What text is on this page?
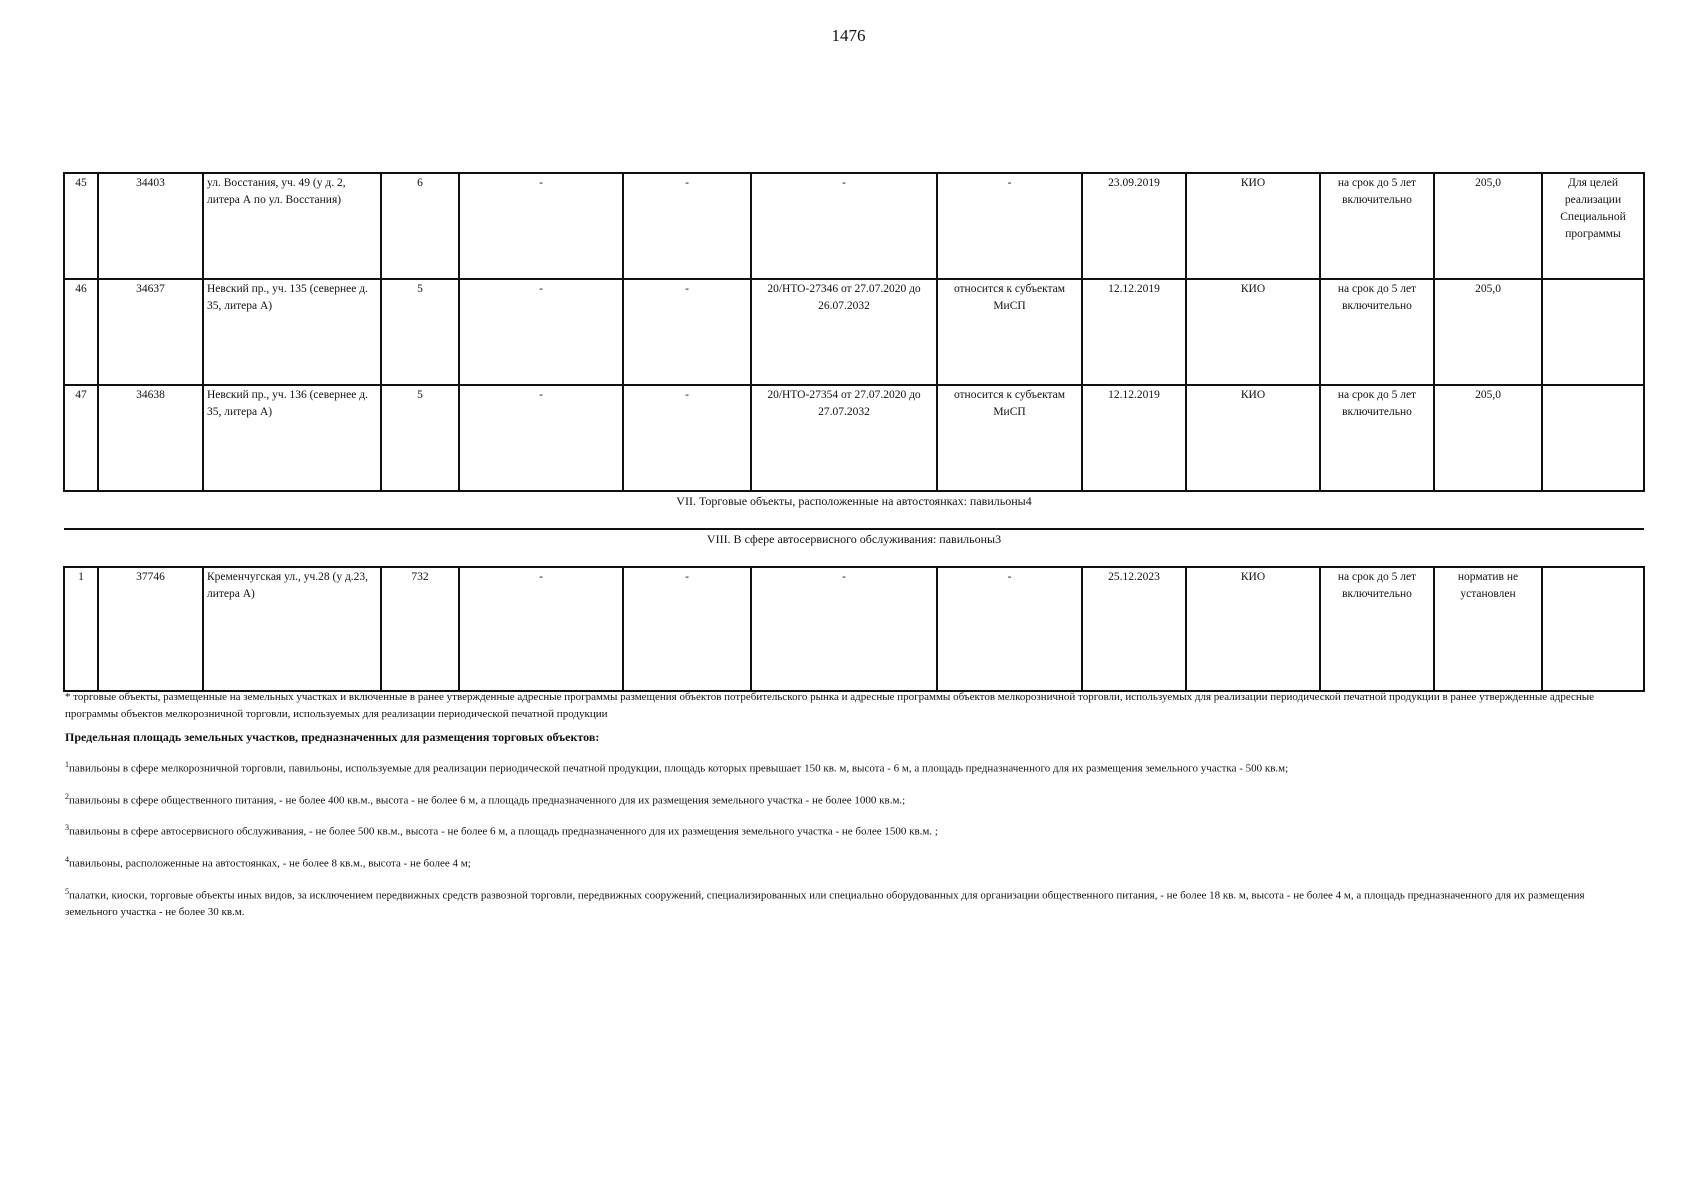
1476
45	34403	ул. Восстания, уч. 49 (у д. 2, литера А по ул. Восстания)	6	-	-	-	-	23.09.2019	КИО	на срок до 5 лет включительно	205,0	Для целей реализации Специальной программы
46	34637	Невский пр., уч. 135 (севернее д. 35, литера А)	5	-	-	20/НТО-27346 от 27.07.2020 до 26.07.2032	относится к субъектам МиСП	12.12.2019	КИО	на срок до 5 лет включительно	205,0	
47	34638	Невский пр., уч. 136 (севернее д. 35, литера А)	5	-	-	20/НТО-27354 от 27.07.2020 до 27.07.2032	относится к субъектам МиСП	12.12.2019	КИО	на срок до 5 лет включительно	205,0	
VII. Торговые объекты, расположенные на автостоянках: павильоны4												
VIII. В сфере автосервисного обслуживания: павильоны3												
1	37746	Кременчугская ул., уч.28 (у д.23, литера А)	732	-	-	-	-	25.12.2023	КИО	на срок до 5 лет включительно	норматив не установлен	

* торговые объекты, размещенные на земельных участках и включенные в ранее утвержденные адресные программы размещения объектов потребительского рынка и адресные программы объектов мелкорозничной торговли, используемых для реализации периодической печатной продукции в ранее утвержденные адресные программы объектов мелкорозничной торговли, используемых для реализации периодической печатной продукции

Предельная площадь земельных участков, предназначенных для размещения торговых объектов:

$^1$павильоны в сфере мелкорозничной торговли, павильоны, используемые для реализации периодической печатной продукции, площадь которых превышает 150 кв. м, высота - 6 м, а площадь предназначенного для их размещения земельного участка - 500 кв.м;

$^2$павильоны в сфере общественного питания, - не более 400 кв.м., высота - не более 6 м, а площадь предназначенного для их размещения земельного участка - не более 1000 кв.м.;

$^3$павильоны в сфере автосервисного обслуживания, - не более 500 кв.м., высота - не более 6 м, а площадь предназначенного для их размещения земельного участка - не более 1500 кв.м. ;

$^4$павильоны, расположенные на автостоянках, - не более 8 кв.м., высота - не более 4 м;

$^5$палатки, киоски, торговые объекты иных видов, за исключением передвижных средств развозной торговли, передвижных сооружений, специализированных или специально оборудованных для организации общественного питания, - не более 18 кв. м, высота - не более 4 м, а площадь предназначенного для их размещения земельного участка - не более 30 кв.м.
